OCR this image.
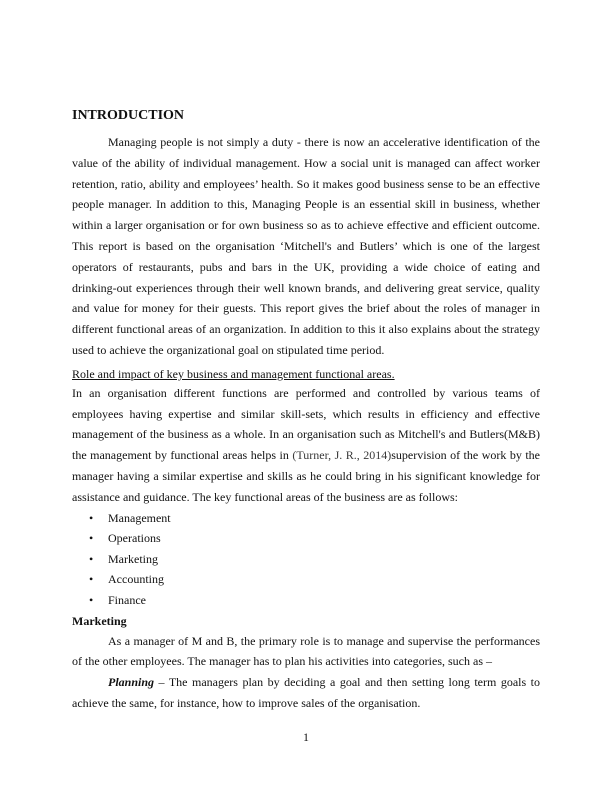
INTRODUCTION

Managing people is not simply a duty - there is now an accelerative identification of the value of the ability of individual management. How a social unit is managed can affect worker retention, ratio, ability and employees’ health. So it makes good business sense to be an effective people manager. In addition to this, Managing People is an essential skill in business, whether within a larger organisation or for own business so as to achieve effective and efficient outcome. This report is based on the organisation ‘Mitchell's and Butlers’ which is one of the largest operators of restaurants, pubs and bars in the UK, providing a wide choice of eating and drinking-out experiences through their well known brands, and delivering great service, quality and value for money for their guests. This report gives the brief about the roles of manager in different functional areas of an organization. In addition to this it also explains about the strategy used to achieve the organizational goal on stipulated time period.

Role and impact of key business and management functional areas.

In an organisation different functions are performed and controlled by various teams of employees having expertise and similar skill-sets, which results in efficiency and effective management of the business as a whole. In an organisation such as Mitchell's and Butlers(M&B) the management by functional areas helps in (Turner, J. R., 2014)supervision of the work by the manager having a similar expertise and skills as he could bring in his significant knowledge for assistance and guidance. The key functional areas of the business are as follows:

• Management
• Operations
• Marketing
• Accounting
• Finance
Marketing

As a manager of M and B, the primary role is to manage and supervise the performances of the other employees. The manager has to plan his activities into categories, such as –

Planning – The managers plan by deciding a goal and then setting long term goals to achieve the same, for instance, how to improve sales of the organisation.

1
